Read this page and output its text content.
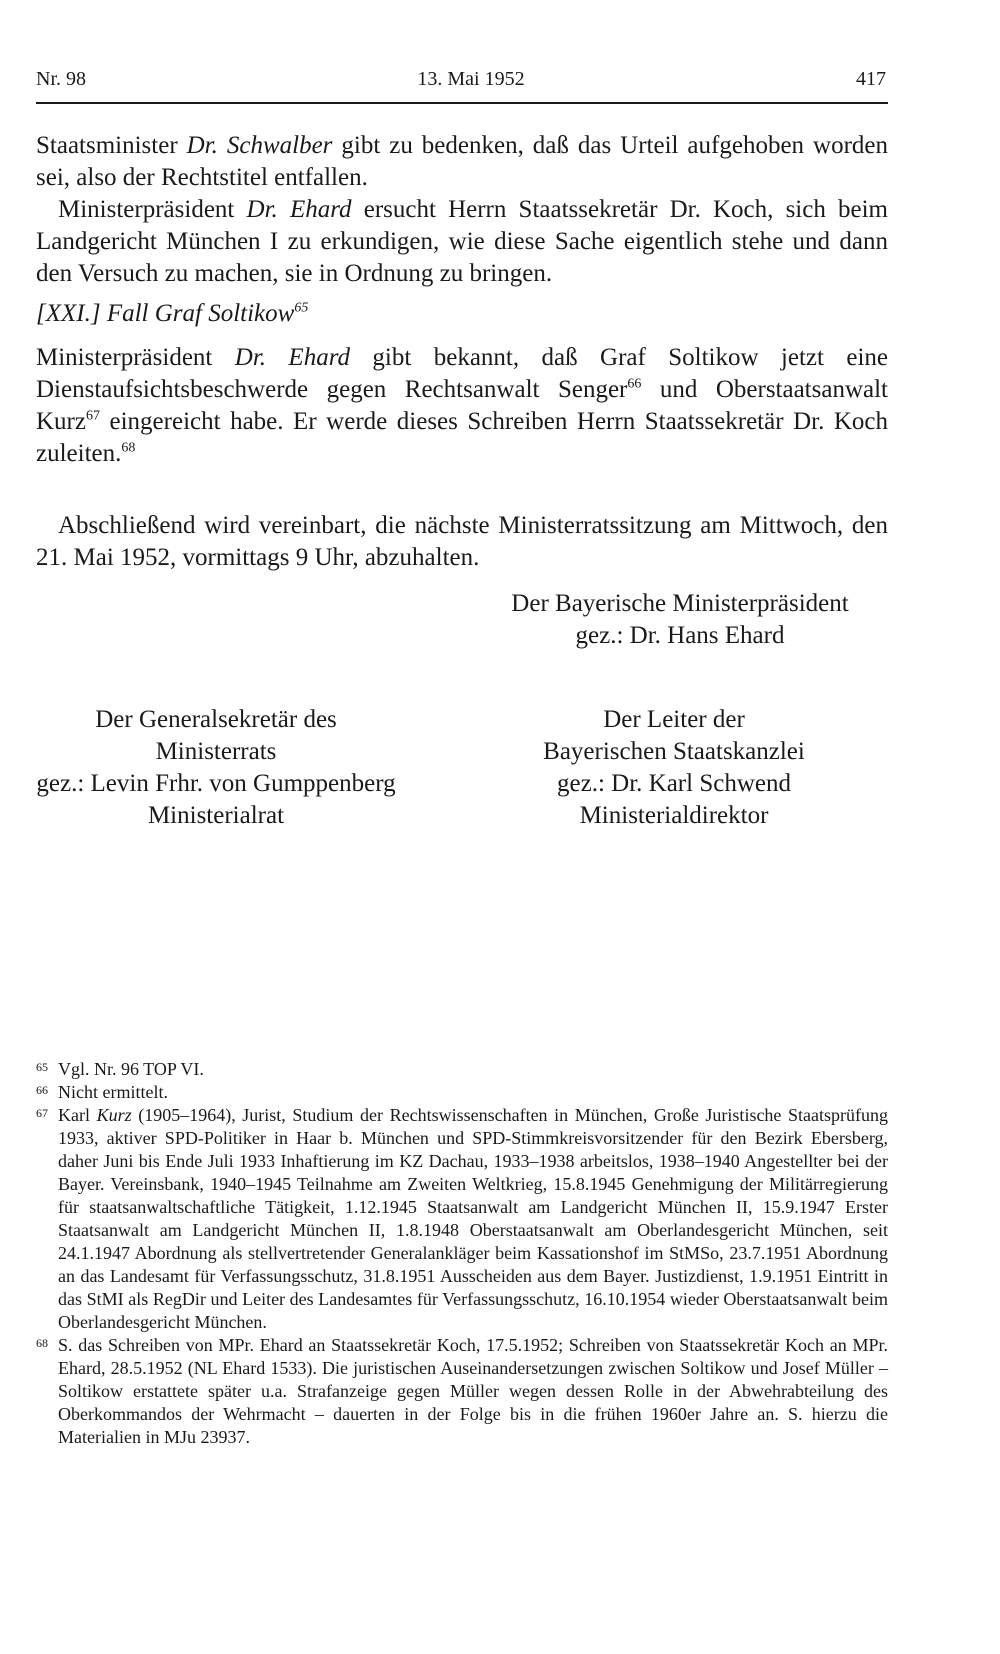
Nr. 98	13. Mai 1952	417

Staatsminister Dr. Schwalber gibt zu bedenken, daß das Urteil aufgehoben worden sei, also der Rechtstitel entfallen.

Ministerpräsident Dr. Ehard ersucht Herrn Staatssekretär Dr. Koch, sich beim Landgericht München I zu erkundigen, wie diese Sache eigentlich stehe und dann den Versuch zu machen, sie in Ordnung zu bringen.

[XXI.] Fall Graf Soltikow$^{65}$

Ministerpräsident Dr. Ehard gibt bekannt, daß Graf Soltikow jetzt eine Dienstaufsichtsbeschwerde gegen Rechtsanwalt Senger$^{66}$ und Oberstaatsanwalt Kurz$^{67}$ eingereicht habe. Er werde dieses Schreiben Herrn Staatssekretär Dr. Koch zuleiten.$^{68}$

Abschließend wird vereinbart, die nächste Ministerratssitzung am Mittwoch, den 21. Mai 1952, vormittags 9 Uhr, abzuhalten.

Der Bayerische Ministerpräsident
gez.: Dr. Hans Ehard
Der Generalsekretär des
Ministerrats
gez.: Levin Frhr. von Gumppenberg
Ministerialrat
Der Leiter der
Bayerischen Staatskanzlei
gez.: Dr. Karl Schwend
Ministerialdirektor
65 Vgl. Nr. 96 TOP VI.
66 Nicht ermittelt.
67 Karl Kurz (1905–1964), Jurist, Studium der Rechtswissenschaften in München, Große Juristische Staatsprüfung 1933, aktiver SPD-Politiker in Haar b. München und SPD-Stimmkreisvorsitzender für den Bezirk Ebersberg, daher Juni bis Ende Juli 1933 Inhaftierung im KZ Dachau, 1933–1938 arbeitslos, 1938–1940 Angestellter bei der Bayer. Vereinsbank, 1940–1945 Teilnahme am Zweiten Weltkrieg, 15.8.1945 Genehmigung der Militärregierung für staatsanwaltschaftliche Tätigkeit, 1.12.1945 Staatsanwalt am Landgericht München II, 15.9.1947 Erster Staatsanwalt am Landgericht München II, 1.8.1948 Oberstaatsanwalt am Oberlandesgericht München, seit 24.1.1947 Abordnung als stellvertretender Generalankläger beim Kassationshof im StMSo, 23.7.1951 Abordnung an das Landesamt für Verfassungsschutz, 31.8.1951 Ausscheiden aus dem Bayer. Justizdienst, 1.9.1951 Eintritt in das StMI als RegDir und Leiter des Landesamtes für Verfassungsschutz, 16.10.1954 wieder Oberstaatsanwalt beim Oberlandesgericht München.
68 S. das Schreiben von MPr. Ehard an Staatssekretär Koch, 17.5.1952; Schreiben von Staatssekretär Koch an MPr. Ehard, 28.5.1952 (NL Ehard 1533). Die juristischen Auseinandersetzungen zwischen Soltikow und Josef Müller – Soltikow erstattete später u.a. Strafanzeige gegen Müller wegen dessen Rolle in der Abwehrabteilung des Oberkommandos der Wehrmacht – dauerten in der Folge bis in die frühen 1960er Jahre an. S. hierzu die Materialien in MJu 23937.
